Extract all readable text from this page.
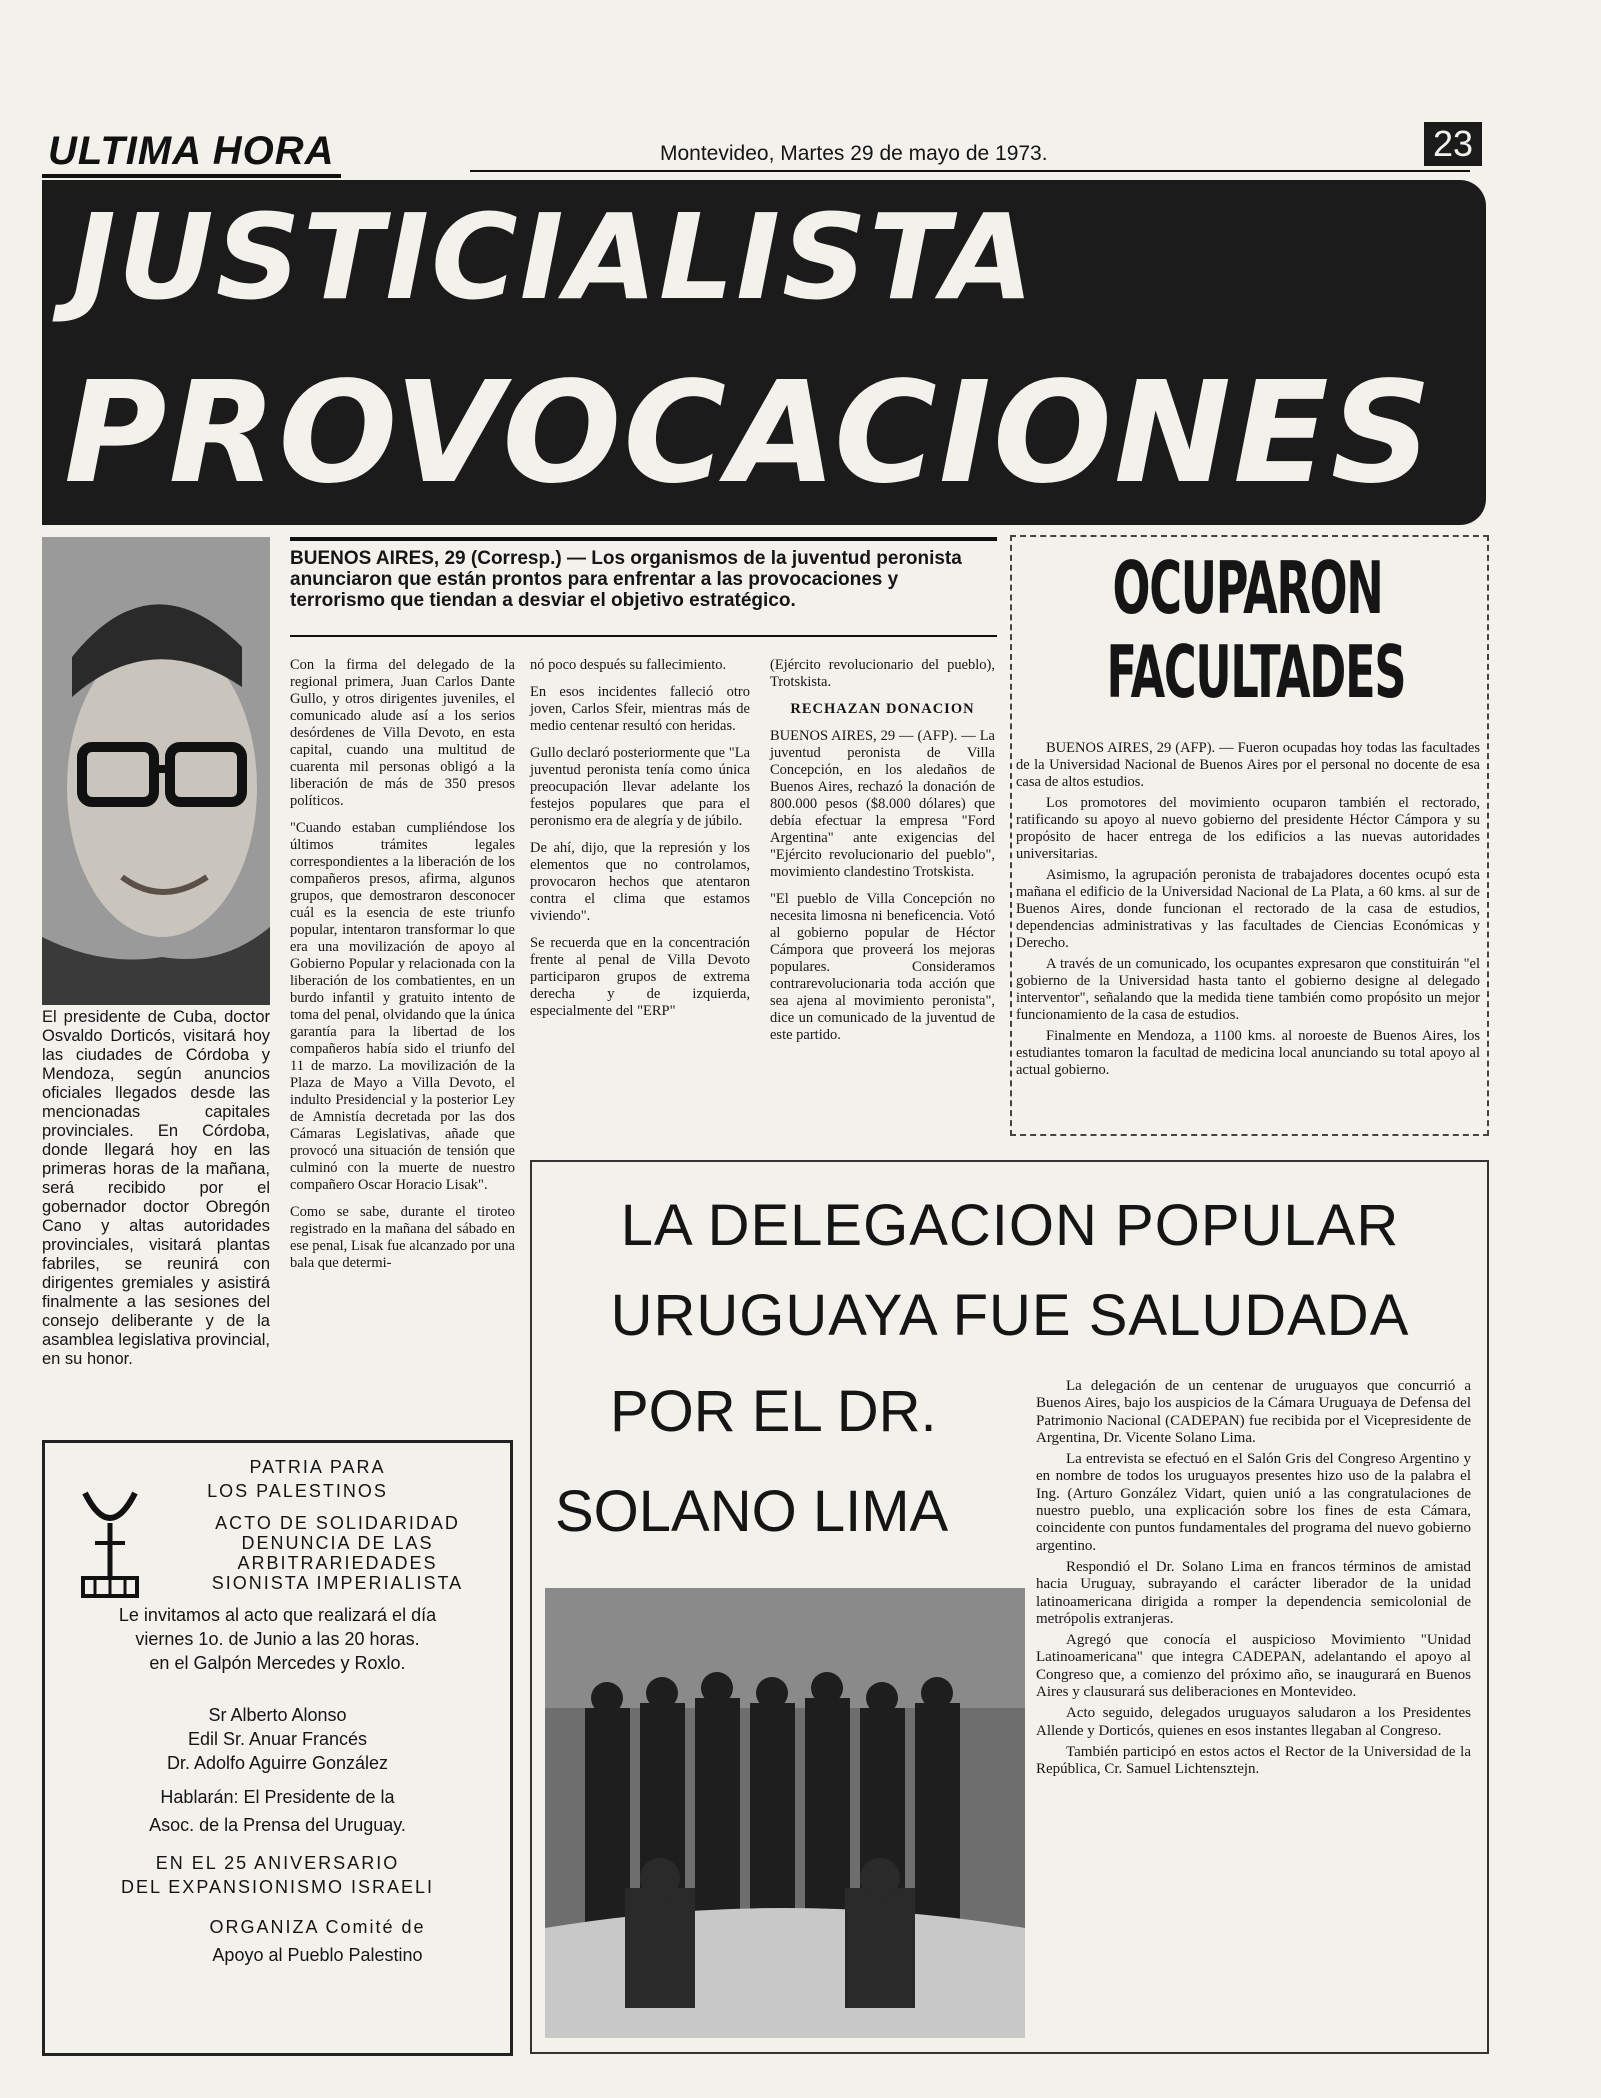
ULTIMA HORA	Montevideo, Martes 29 de mayo de 1973.	23
JUSTICIALISTA
PROVOCACIONES
El presidente de Cuba, doctor Osvaldo Dorticós, visitará hoy las ciudades de Córdoba y Mendoza, según anuncios oficiales llegados desde las mencionadas capitales provinciales. En Córdoba, donde llegará hoy en las primeras horas de la mañana, será recibido por el gobernador doctor Obregón Cano y altas autoridades provinciales, visitará plantas fabriles, se reunirá con dirigentes gremiales y asistirá finalmente a las sesiones del consejo deliberante y de la asamblea legislativa provincial, en su honor.
BUENOS AIRES, 29 (Corresp.) — Los organismos de la juventud peronista anunciaron que están prontos para enfrentar a las provocaciones y terrorismo que tiendan a desviar el objetivo estratégico.

Con la firma del delegado de la regional primera, Juan Carlos Dante Gullo, y otros dirigentes juveniles, el comunicado alude así a los serios desórdenes de Villa Devoto, en esta capital, cuando una multitud de cuarenta mil personas obligó a la liberación de más de 350 presos políticos.

"Cuando estaban cumpliéndose los últimos trámites legales correspondientes a la liberación de los compañeros presos, afirma, algunos grupos, que demostraron desconocer cuál es la esencia de este triunfo popular, intentaron transformar lo que era una movilización de apoyo al Gobierno Popular y relacionada con la liberación de los combatientes, en un burdo infantil y gratuito intento de toma del penal, olvidando que la única garantía para la libertad de los compañeros había sido el triunfo del 11 de marzo. La movilización de la Plaza de Mayo a Villa Devoto, el indulto Presidencial y la posterior Ley de Amnistía decretada por las dos Cámaras Legislativas, añade que provocó una situación de tensión que culminó con la muerte de nuestro compañero Oscar Horacio Lisak".

Como se sabe, durante el tiroteo registrado en la mañana del sábado en ese penal, Lisak fue alcanzado por una bala que determi-

nó poco después su fallecimiento.

En esos incidentes falleció otro joven, Carlos Sfeir, mientras más de medio centenar resultó con heridas.

Gullo declaró posteriormente que "La juventud peronista tenía como única preocupación llevar adelante los festejos populares que para el peronismo era de alegría y de júbilo.

De ahí, dijo, que la represión y los elementos que no controlamos, provocaron hechos que atentaron contra el clima que estamos viviendo".

Se recuerda que en la concentración frente al penal de Villa Devoto participaron grupos de extrema derecha y de izquierda, especialmente del "ERP"

(Ejército revolucionario del pueblo), Trotskista.

RECHAZAN DONACION

BUENOS AIRES, 29 — (AFP). — La juventud peronista de Villa Concepción, en los aledaños de Buenos Aires, rechazó la donación de 800.000 pesos ($8.000 dólares) que debía efectuar la empresa "Ford Argentina" ante exigencias del "Ejército revolucionario del pueblo", movimiento clandestino Trotskista.

"El pueblo de Villa Concepción no necesita limosna ni beneficencia. Votó al gobierno popular de Héctor Cámpora que proveerá los mejoras populares. Consideramos contrarevolucionaria toda acción que sea ajena al movimiento peronista", dice un comunicado de la juventud de este partido.

OCUPARON
FACULTADES

BUENOS AIRES, 29 (AFP). — Fueron ocupadas hoy todas las facultades de la Universidad Nacional de Buenos Aires por el personal no docente de esa casa de altos estudios.

Los promotores del movimiento ocuparon también el rectorado, ratificando su apoyo al nuevo gobierno del presidente Héctor Cámpora y su propósito de hacer entrega de los edificios a las nuevas autoridades universitarias.

Asimismo, la agrupación peronista de trabajadores docentes ocupó esta mañana el edificio de la Universidad Nacional de La Plata, a 60 kms. al sur de Buenos Aires, donde funcionan el rectorado de la casa de estudios, dependencias administrativas y las facultades de Ciencias Económicas y Derecho.

A través de un comunicado, los ocupantes expresaron que constituirán "el gobierno de la Universidad hasta tanto el gobierno designe al delegado interventor", señalando que la medida tiene también como propósito un mejor funcionamiento de la casa de estudios.

Finalmente en Mendoza, a 1100 kms. al noroeste de Buenos Aires, los estudiantes tomaron la facultad de medicina local anunciando su total apoyo al actual gobierno.

LA DELEGACION POPULAR
URUGUAYA FUE SALUDADA
POR EL DR.
SOLANO LIMA

La delegación de un centenar de uruguayos que concurrió a Buenos Aires, bajo los auspicios de la Cámara Uruguaya de Defensa del Patrimonio Nacional (CADEPAN) fue recibida por el Vicepresidente de Argentina, Dr. Vicente Solano Lima.

La entrevista se efectuó en el Salón Gris del Congreso Argentino y en nombre de todos los uruguayos presentes hizo uso de la palabra el Ing. (Arturo González Vidart, quien unió a las congratulaciones de nuestro pueblo, una explicación sobre los fines de esta Cámara, coincidente con puntos fundamentales del programa del nuevo gobierno argentino.

Respondió el Dr. Solano Lima en francos términos de amistad hacia Uruguay, subrayando el carácter liberador de la unidad latinoamericana dirigida a romper la dependencia semicolonial de metrópolis extranjeras.

Agregó que conocía el auspicioso Movimiento "Unidad Latinoamericana" que integra CADEPAN, adelantando el apoyo al Congreso que, a comienzo del próximo año, se inaugurará en Buenos Aires y clausurará sus deliberaciones en Montevideo.

Acto seguido, delegados uruguayos saludaron a los Presidentes Allende y Dorticós, quienes en esos instantes llegaban al Congreso.

También participó en estos actos el Rector de la Universidad de la República, Cr. Samuel Lichtensztejn.

PATRIA PARA
LOS PALESTINOS
ACTO DE SOLIDARIDAD
DENUNCIA DE LAS
ARBITRARIEDADES
SIONISTA IMPERIALISTA
Le invitamos al acto que realizará el día
viernes 1o. de Junio a las 20 horas.
en el Galpón Mercedes y Roxlo.
Sr Alberto Alonso
Edil Sr. Anuar Francés
Dr. Adolfo Aguirre González
Hablarán: El Presidente de la
Asoc. de la Prensa del Uruguay.
EN EL 25 ANIVERSARIO
DEL EXPANSIONISMO ISRAELI
ORGANIZA Comité de
Apoyo al Pueblo Palestino
